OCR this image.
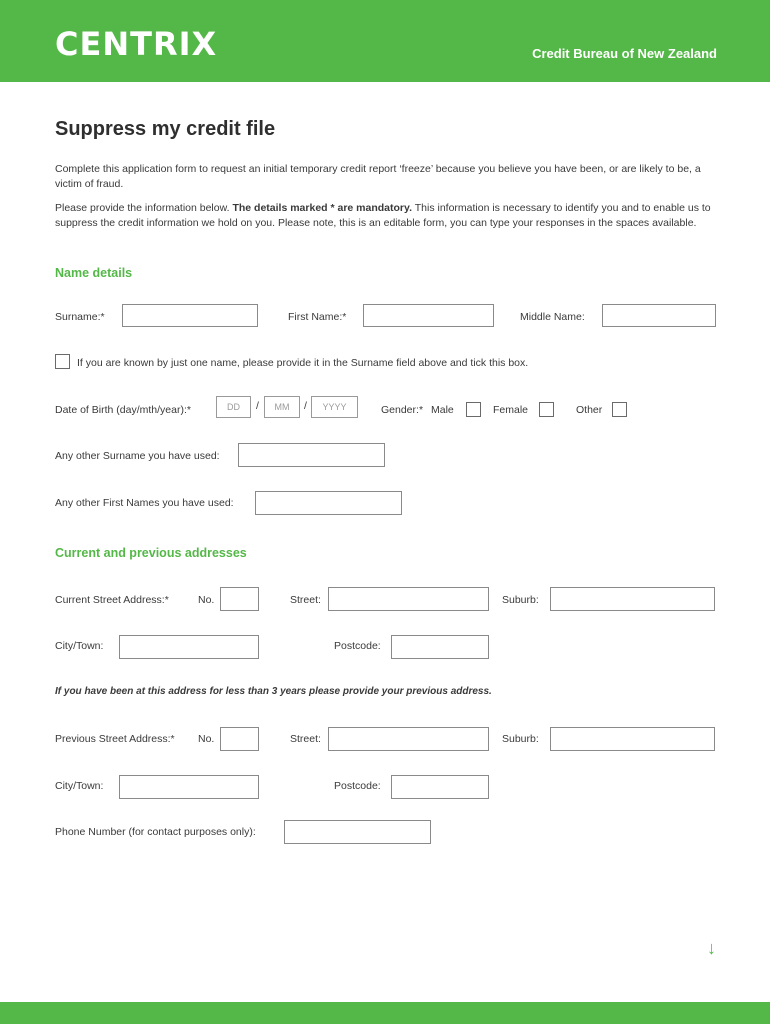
CENTRIX	Credit Bureau of New Zealand
Suppress my credit file
Complete this application form to request an initial temporary credit report ‘freeze’ because you believe you have been, or are likely to be, a victim of fraud.
Please provide the information below. The details marked * are mandatory. This information is necessary to identify you and to enable us to suppress the credit information we hold on you. Please note, this is an editable form, you can type your responses in the spaces available.
Name details
Surname:*	First Name:*	Middle Name:
If you are known by just one name, please provide it in the Surname field above and tick this box.
Date of Birth (day/mth/year):*	DD	/	MM	/	YYYY	Gender:* Male	Female	Other
Any other Surname you have used:
Any other First Names you have used:
Current and previous addresses
Current Street Address:*	No.	Street:	Suburb:
City/Town:	Postcode:
If you have been at this address for less than 3 years please provide your previous address.
Previous Street Address:* No.	Street:	Suburb:
City/Town:	Postcode:
Phone Number (for contact purposes only):
↓
